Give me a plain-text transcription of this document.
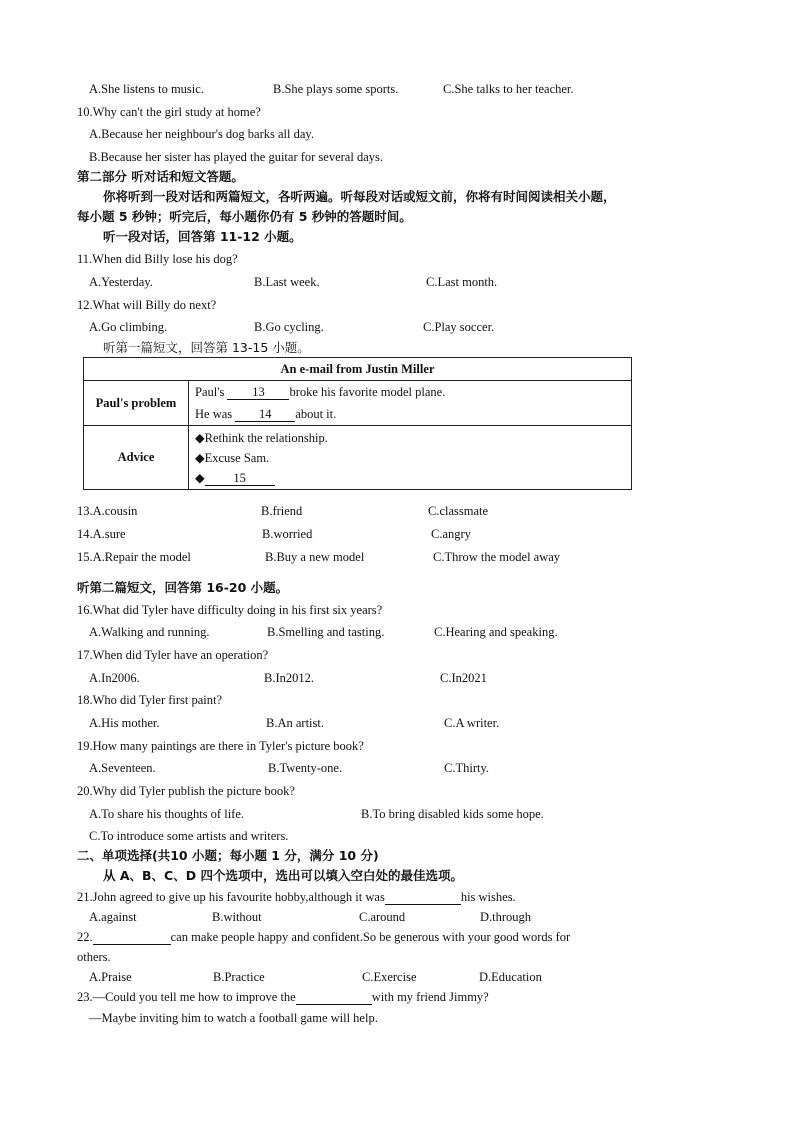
A.She listens to music.	B.She plays some sports.	C.She talks to her teacher.
10.Why can't the girl study at home?
A.Because her neighbour's dog barks all day.
B.Because her sister has played the guitar for several days.
第二部分 听对话和短文答题。
你将听到一段对话和两篇短文，各听两遍。听每段对话或短文前，你将有时间阅读相关小题，
每小题 5 秒钟；听完后，每小题你仍有 5 秒钟的答题时间。
听一段对话，回答第 11-12 小题。
11.When did Billy lose his dog?
A.Yesterday.	B.Last week.	C.Last month.
12.What will Billy do next?
A.Go climbing.	B.Go cycling.	C.Play soccer.
听第一篇短文，回答第 13-15 小题。
An e-mail from Justin Miller	
Paul's problem	Paul's 13 broke his favorite model plane.
He was 14 about it.

Advice	◆Rethink the relationship.
◆Excuse Sam.
◆ 15
13.A.cousin	B.friend	C.classmate
14.A.sure	B.worried	C.angry
15.A.Repair the model	B.Buy a new model	C.Throw the model away
听第二篇短文，回答第 16-20 小题。
16.What did Tyler have difficulty doing in his first six years?
A.Walking and running.	B.Smelling and tasting.	C.Hearing and speaking.
17.When did Tyler have an operation?
A.In2006.	B.In2012.	C.In2021
18.Who did Tyler first paint?
A.His mother.	B.An artist.	C.A writer.
19.How many paintings are there in Tyler's picture book?
A.Seventeen.	B.Twenty-one.	C.Thirty.
20.Why did Tyler publish the picture book?
A.To share his thoughts of life.	B.To bring disabled kids some hope.
C.To introduce some artists and writers.
二、单项选择(共10 小题；每小题 1 分，满分 10 分)
从 A、B、C、D 四个选项中，选出可以填入空白处的最佳选项。
21.John agreed to give up his favourite hobby,although it was	his wishes.
A.against	B.without	C.around	D.through
22.	can make people happy and confident.So be generous with your good words for
others.
A.Praise	B.Practice	C.Exercise	D.Education
23.—Could you tell me how to improve the	with my friend Jimmy?
—Maybe inviting him to watch a football game will help.
